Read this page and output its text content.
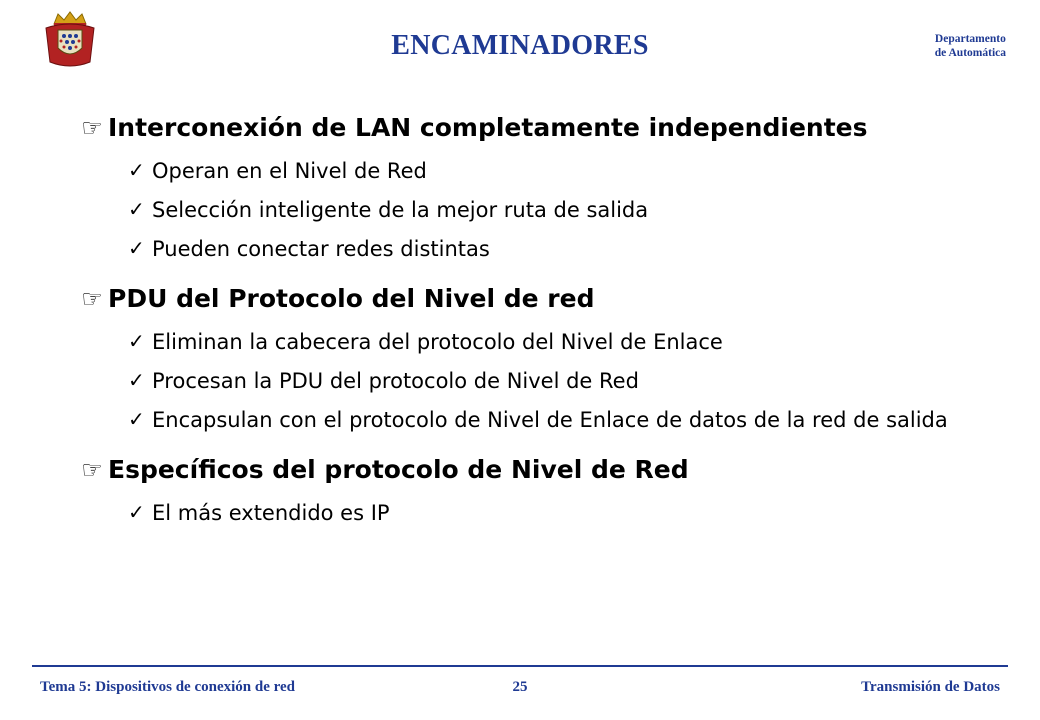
ENCAMINADORES	Departamento
de Automática
☞ Interconexión de LAN completamente independientes
✓ Operan en el Nivel de Red
✓ Selección inteligente de la mejor ruta de salida
✓ Pueden conectar redes distintas
☞ PDU del Protocolo del Nivel de red
✓ Eliminan la cabecera del protocolo del Nivel de Enlace
✓ Procesan la PDU del protocolo de Nivel de Red
✓ Encapsulan con el protocolo de Nivel de Enlace de datos de la red de salida
☞ Específicos del protocolo de Nivel de Red
✓ El más extendido es IP
Tema 5: Dispositivos de conexión de red	25	Transmisión de Datos
